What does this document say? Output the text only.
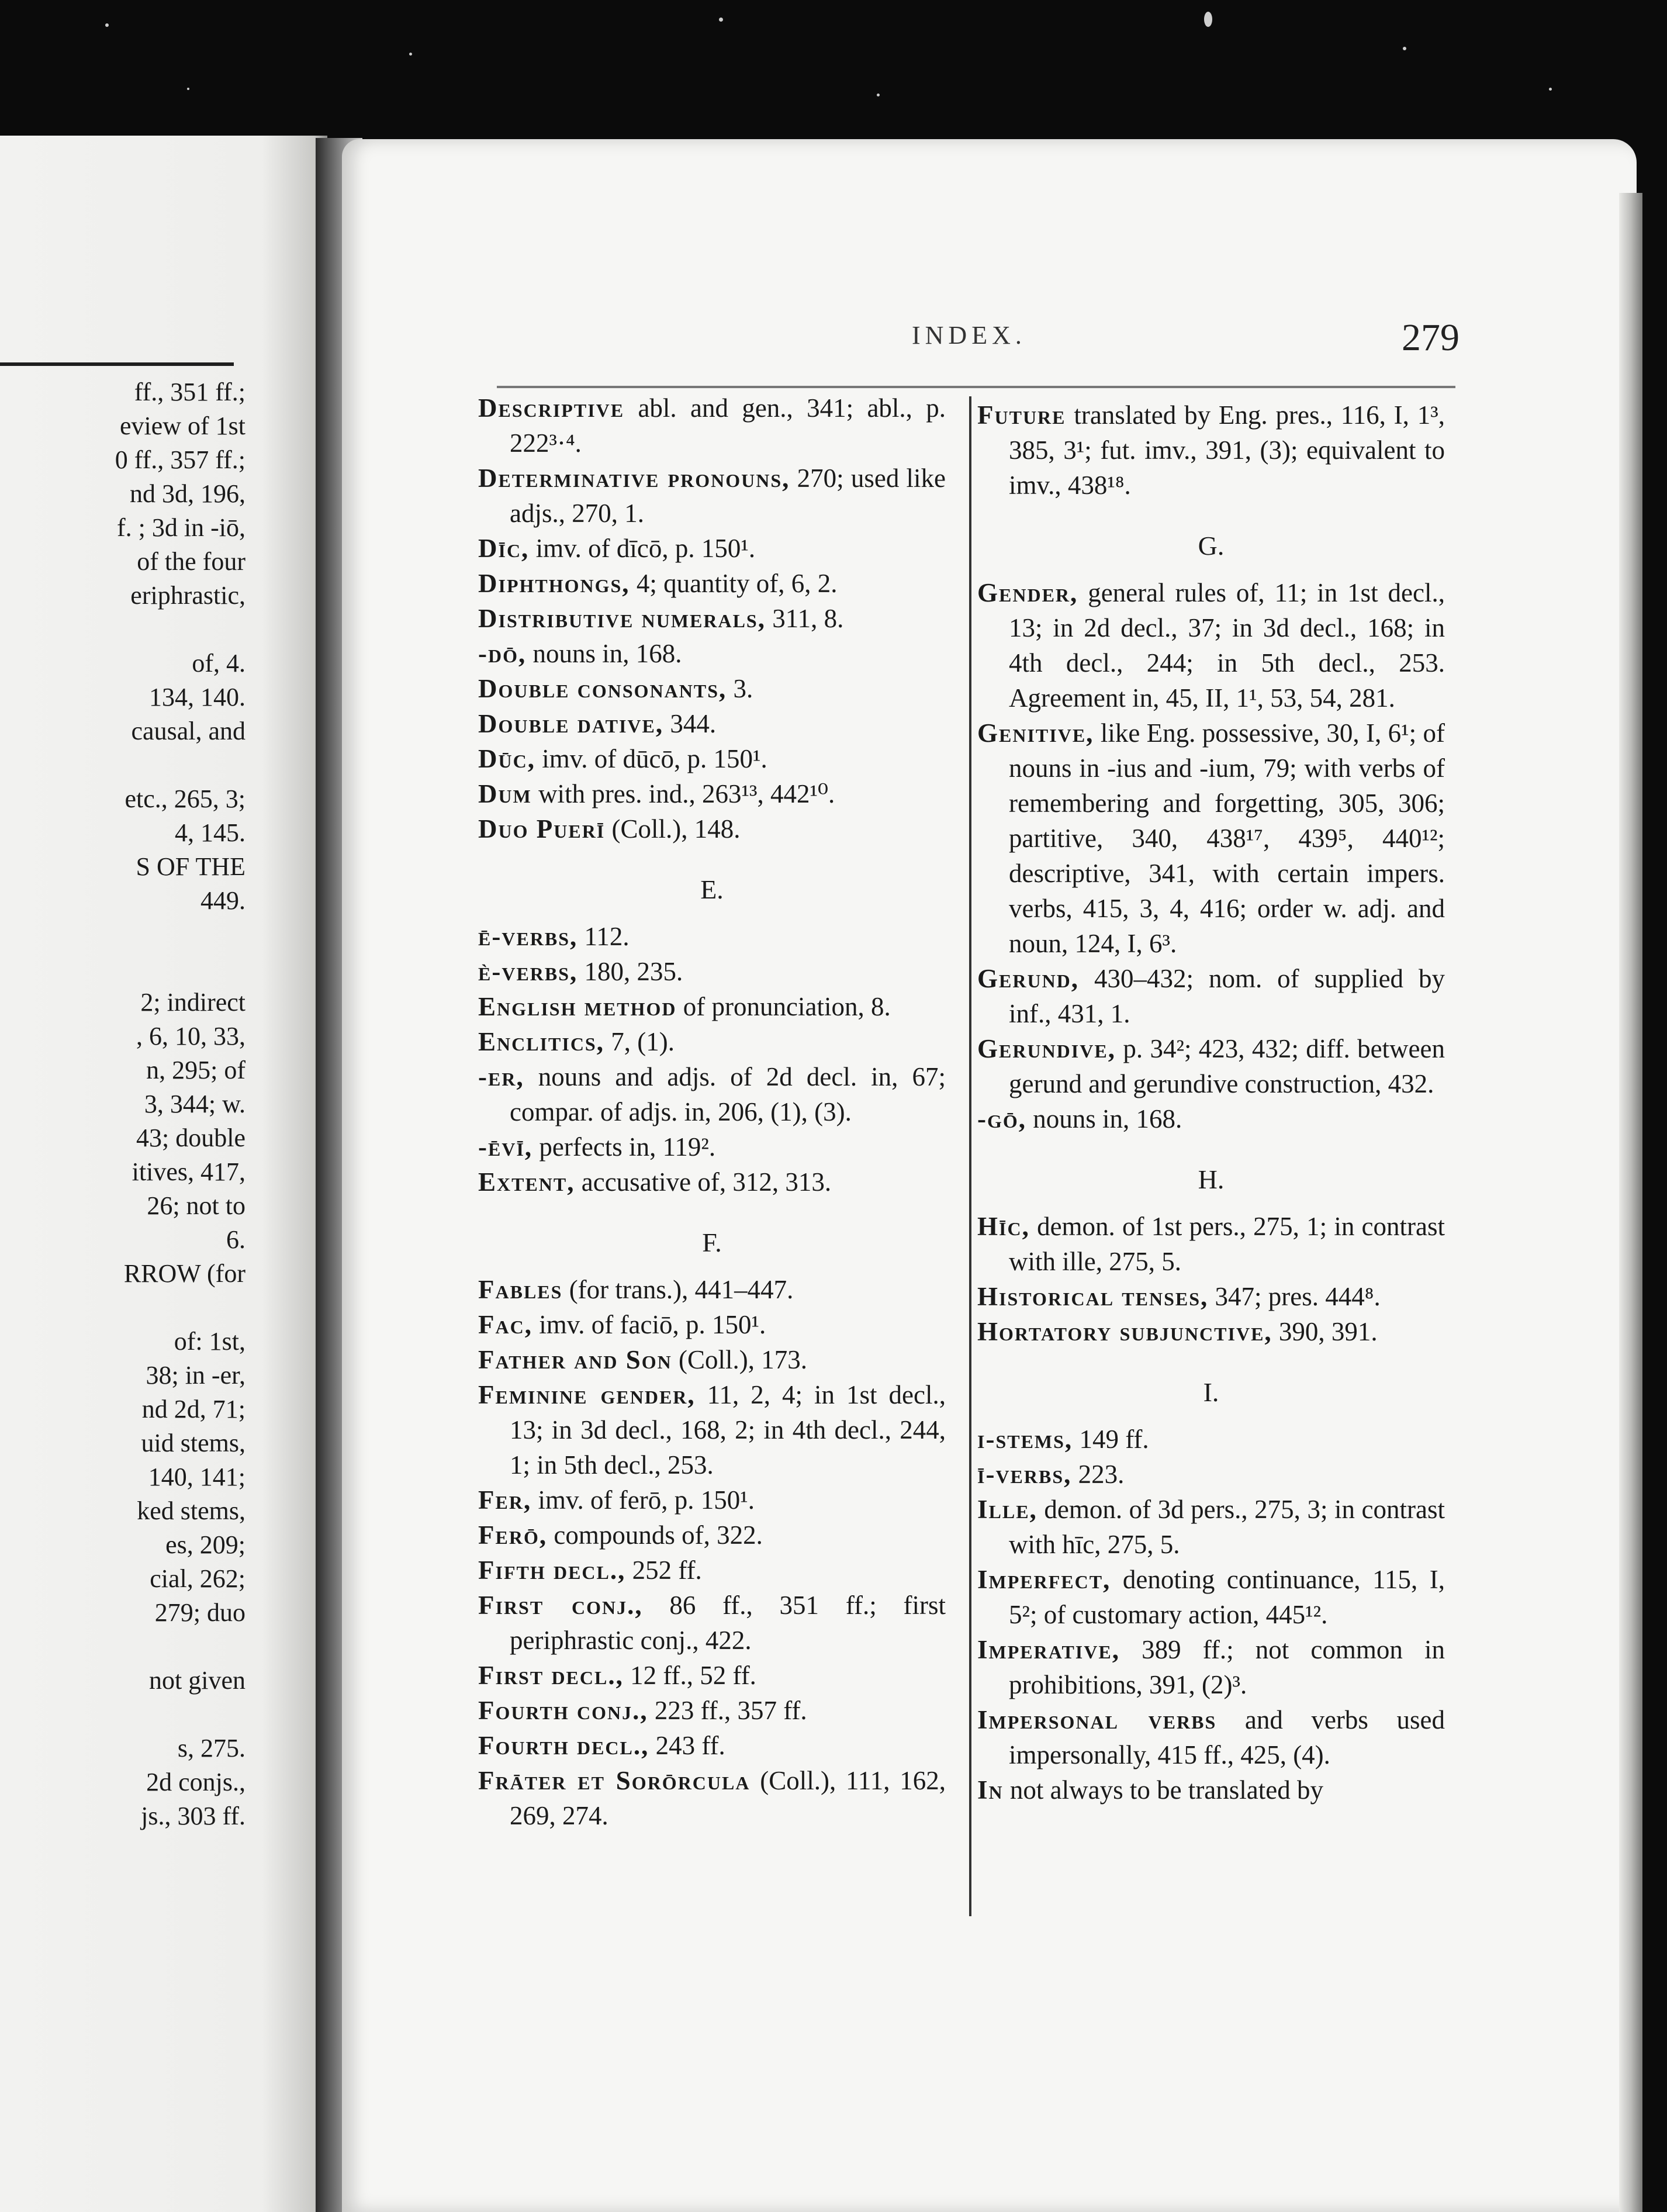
ff., 351 ff.;
eview of 1st
0 ff., 357 ff.;
nd 3d, 196,
f. ; 3d in -iō,
of the four
eriphrastic,
of, 4.
134, 140.
causal, and
etc., 265, 3;
4, 145.
S OF THE
449.
2; indirect
, 6, 10, 33,
n, 295; of
3, 344; w.
43; double
itives, 417,
26; not to
6.
RROW (for
of: 1st,
38; in -er,
nd 2d, 71;
uid stems,
140, 141;
ked stems,
es, 209;
cial, 262;
279; duo
not given
s, 275.
2d conjs.,
js., 303 ff.
INDEX.	279

Descriptive abl. and gen., 341; abl., p. 222³·⁴.

Determinative pronouns, 270; used like adjs., 270, 1.

Dīc, imv. of dīcō, p. 150¹.

Diphthongs, 4; quantity of, 6, 2.

Distributive numerals, 311, 8.

-dō, nouns in, 168.

Double consonants, 3.

Double dative, 344.

Dūc, imv. of dūcō, p. 150¹.

Dum with pres. ind., 263¹³, 442¹⁰.

Duo Puerī (Coll.), 148.

E.

ē-verbs, 112.

è-verbs, 180, 235.

English method of pronunciation, 8.

Enclitics, 7, (1).

-er, nouns and adjs. of 2d decl. in, 67; compar. of adjs. in, 206, (1), (3).

-ēvī, perfects in, 119².

Extent, accusative of, 312, 313.

F.

Fables (for trans.), 441–447.

Fac, imv. of faciō, p. 150¹.

Father and Son (Coll.), 173.

Feminine gender, 11, 2, 4; in 1st decl., 13; in 3d decl., 168, 2; in 4th decl., 244, 1; in 5th decl., 253.

Fer, imv. of ferō, p. 150¹.

Ferō, compounds of, 322.

Fifth decl., 252 ff.

First conj., 86 ff., 351 ff.; first periphrastic conj., 422.

First decl., 12 ff., 52 ff.

Fourth conj., 223 ff., 357 ff.

Fourth decl., 243 ff.

Frāter et Sorōrcula (Coll.), 111, 162, 269, 274.

Future translated by Eng. pres., 116, I, 1³, 385, 3¹; fut. imv., 391, (3); equivalent to imv., 438¹⁸.

G.

Gender, general rules of, 11; in 1st decl., 13; in 2d decl., 37; in 3d decl., 168; in 4th decl., 244; in 5th decl., 253. Agreement in, 45, II, 1¹, 53, 54, 281.

Genitive, like Eng. possessive, 30, I, 6¹; of nouns in -ius and -ium, 79; with verbs of remembering and forgetting, 305, 306; partitive, 340, 438¹⁷, 439⁵, 440¹²; descriptive, 341, with certain impers. verbs, 415, 3, 4, 416; order w. adj. and noun, 124, I, 6³.

Gerund, 430–432; nom. of supplied by inf., 431, 1.

Gerundive, p. 34²; 423, 432; diff. between gerund and gerundive construction, 432.

-gō, nouns in, 168.

H.

Hīc, demon. of 1st pers., 275, 1; in contrast with ille, 275, 5.

Historical tenses, 347; pres. 444⁸.

Hortatory subjunctive, 390, 391.

I.

i-stems, 149 ff.

ī-verbs, 223.

Ille, demon. of 3d pers., 275, 3; in contrast with hīc, 275, 5.

Imperfect, denoting continuance, 115, I, 5²; of customary action, 445¹².

Imperative, 389 ff.; not common in prohibitions, 391, (2)³.

Impersonal verbs and verbs used impersonally, 415 ff., 425, (4).

In not always to be translated by
